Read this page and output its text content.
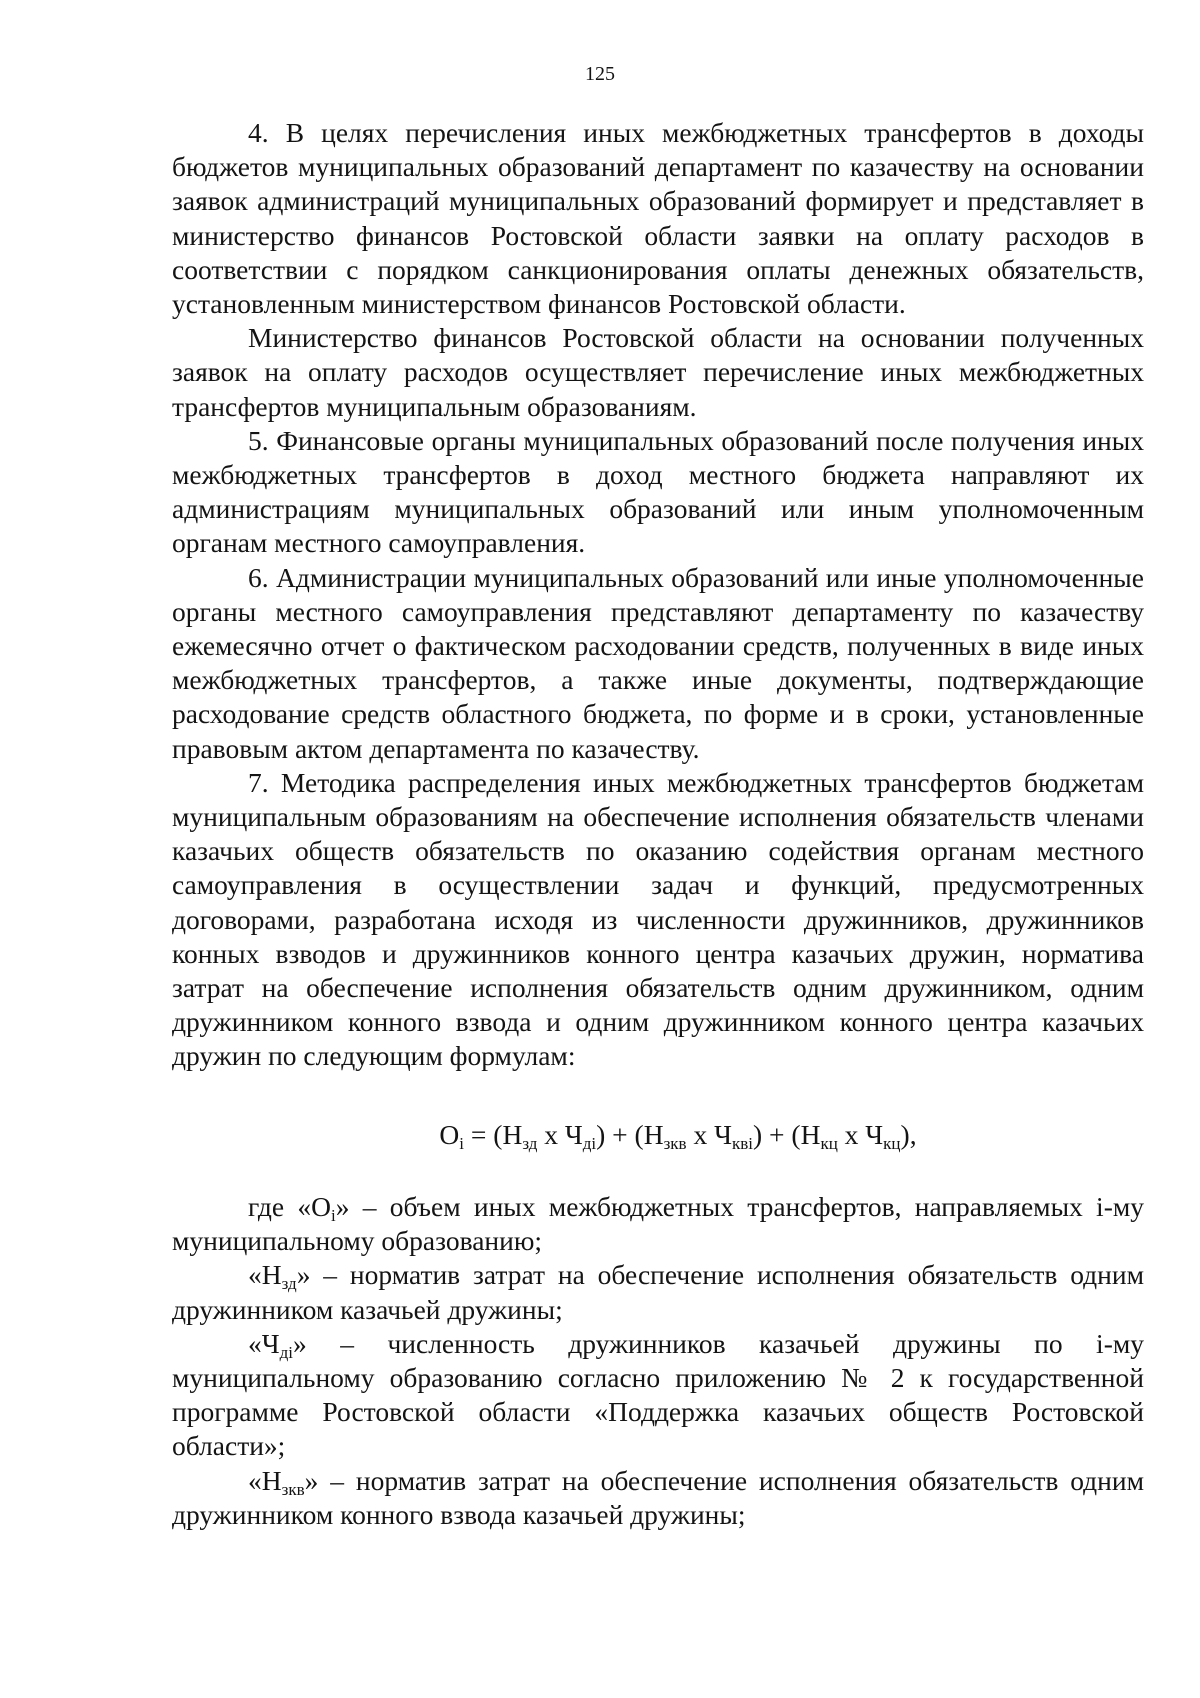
125

4. В целях перечисления иных межбюджетных трансфертов в доходы бюджетов муниципальных образований департамент по казачеству на основании заявок администраций муниципальных образований формирует и представляет в министерство финансов Ростовской области заявки на оплату расходов в соответствии с порядком санкционирования оплаты денежных обязательств, установленным министерством финансов Ростовской области.

Министерство финансов Ростовской области на основании полученных заявок на оплату расходов осуществляет перечисление иных межбюджетных трансфертов муниципальным образованиям.

5. Финансовые органы муниципальных образований после получения иных межбюджетных трансфертов в доход местного бюджета направляют их администрациям муниципальных образований или иным уполномоченным органам местного самоуправления.

6. Администрации муниципальных образований или иные уполномоченные органы местного самоуправления представляют департаменту по казачеству ежемесячно отчет о фактическом расходовании средств, полученных в виде иных межбюджетных трансфертов, а также иные документы, подтверждающие расходование средств областного бюджета, по форме и в сроки, установленные правовым актом департамента по казачеству.

7. Методика распределения иных межбюджетных трансфертов бюджетам муниципальным образованиям на обеспечение исполнения обязательств членами казачьих обществ обязательств по оказанию содействия органам местного самоуправления в осуществлении задач и функций, предусмотренных договорами, разработана исходя из численности дружинников, дружинников конных взводов и дружинников конного центра казачьих дружин, норматива затрат на обеспечение исполнения обязательств одним дружинником, одним дружинником конного взвода и одним дружинником конного центра казачьих дружин по следующим формулам:

$O_i = (Н_{зд}$ х $Ч_{дi}) + (Н_{зкв}$ х $Ч_{квi}) + (Н_{кц}$ х $Ч_{кц}$),

где «$О_i$» – объем иных межбюджетных трансфертов, направляемых i-му муниципальному образованию;

«$Н_{зд}$» – норматив затрат на обеспечение исполнения обязательств одним дружинником казачьей дружины;

«$Ч_{дi}$» – численность дружинников казачьей дружины по i-му муниципальному образованию согласно приложению № 2 к государственной программе Ростовской области «Поддержка казачьих обществ Ростовской области»;

«$Н_{зкв}$» – норматив затрат на обеспечение исполнения обязательств одним дружинником конного взвода казачьей дружины;
